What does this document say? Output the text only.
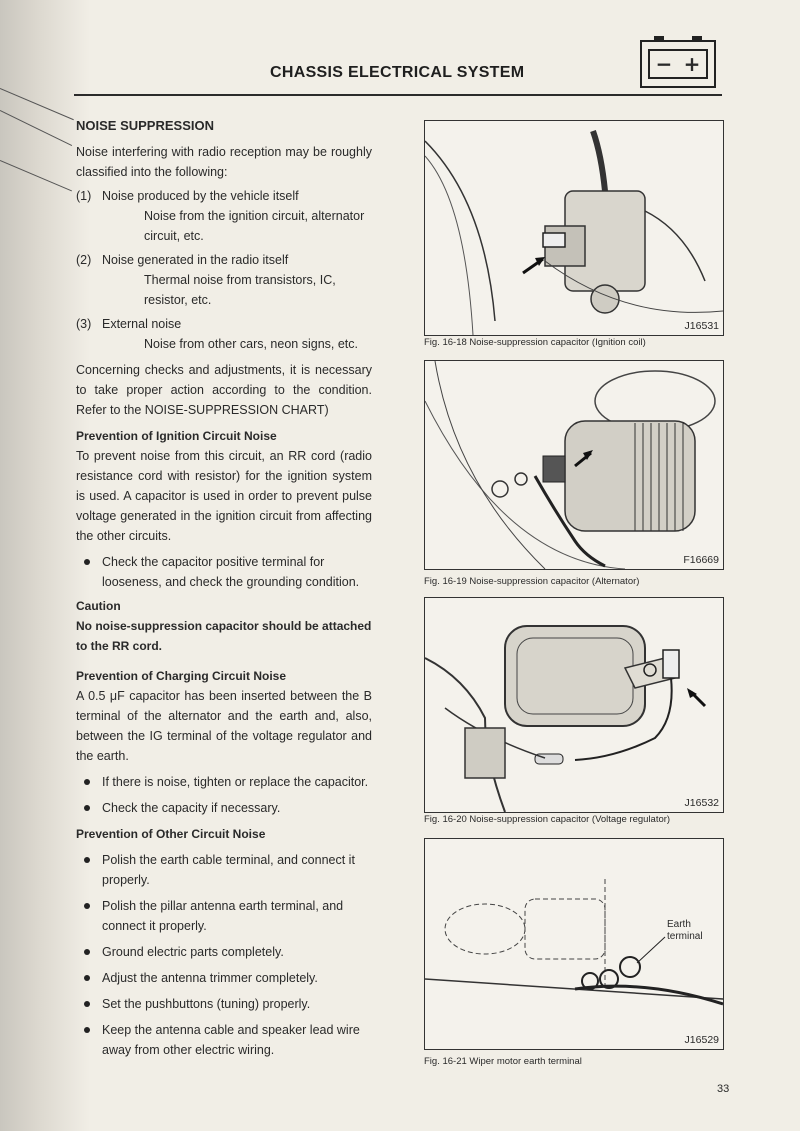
CHASSIS ELECTRICAL SYSTEM	− +
NOISE SUPPRESSION

Noise interfering with radio reception may be roughly classified into the following:

(1) Noise produced by the vehicle itself
Noise from the ignition circuit, alternator circuit, etc.
(2) Noise generated in the radio itself
Thermal noise from transistors, IC, resistor, etc.
(3) External noise
Noise from other cars, neon signs, etc.

Concerning checks and adjustments, it is necessary to take proper action according to the condition. Refer to the NOISE-SUPPRESSION CHART)

Prevention of Ignition Circuit Noise

To prevent noise from this circuit, an RR cord (radio resistance cord with resistor) for the ignition system is used. A capacitor is used in order to prevent pulse voltage generated in the ignition circuit from affecting the other circuits.

Check the capacitor positive terminal for looseness, and check the grounding condition.
Caution
No noise-suppression capacitor should be attached to the RR cord.
Prevention of Charging Circuit Noise

A 0.5 μF capacitor has been inserted between the B terminal of the alternator and the earth and, also, between the IG terminal of the voltage regulator and the earth.

If there is noise, tighten or replace the capacitor.
Check the capacity if necessary.
Prevention of Other Circuit Noise
Polish the earth cable terminal, and connect it properly.
Polish the pillar antenna earth terminal, and connect it properly.
Ground electric parts completely.
Adjust the antenna trimmer completely.
Set the pushbuttons (tuning) properly.
Keep the antenna cable and speaker lead wire away from other electric wiring.
J16531
Fig. 16-18 Noise-suppression capacitor (Ignition coil)
F16669
Fig. 16-19 Noise-suppression capacitor (Alternator)
J16532
Fig. 16-20 Noise-suppression capacitor (Voltage regulator)
Earth
terminal
J16529
Fig. 16-21 Wiper motor earth terminal
33
